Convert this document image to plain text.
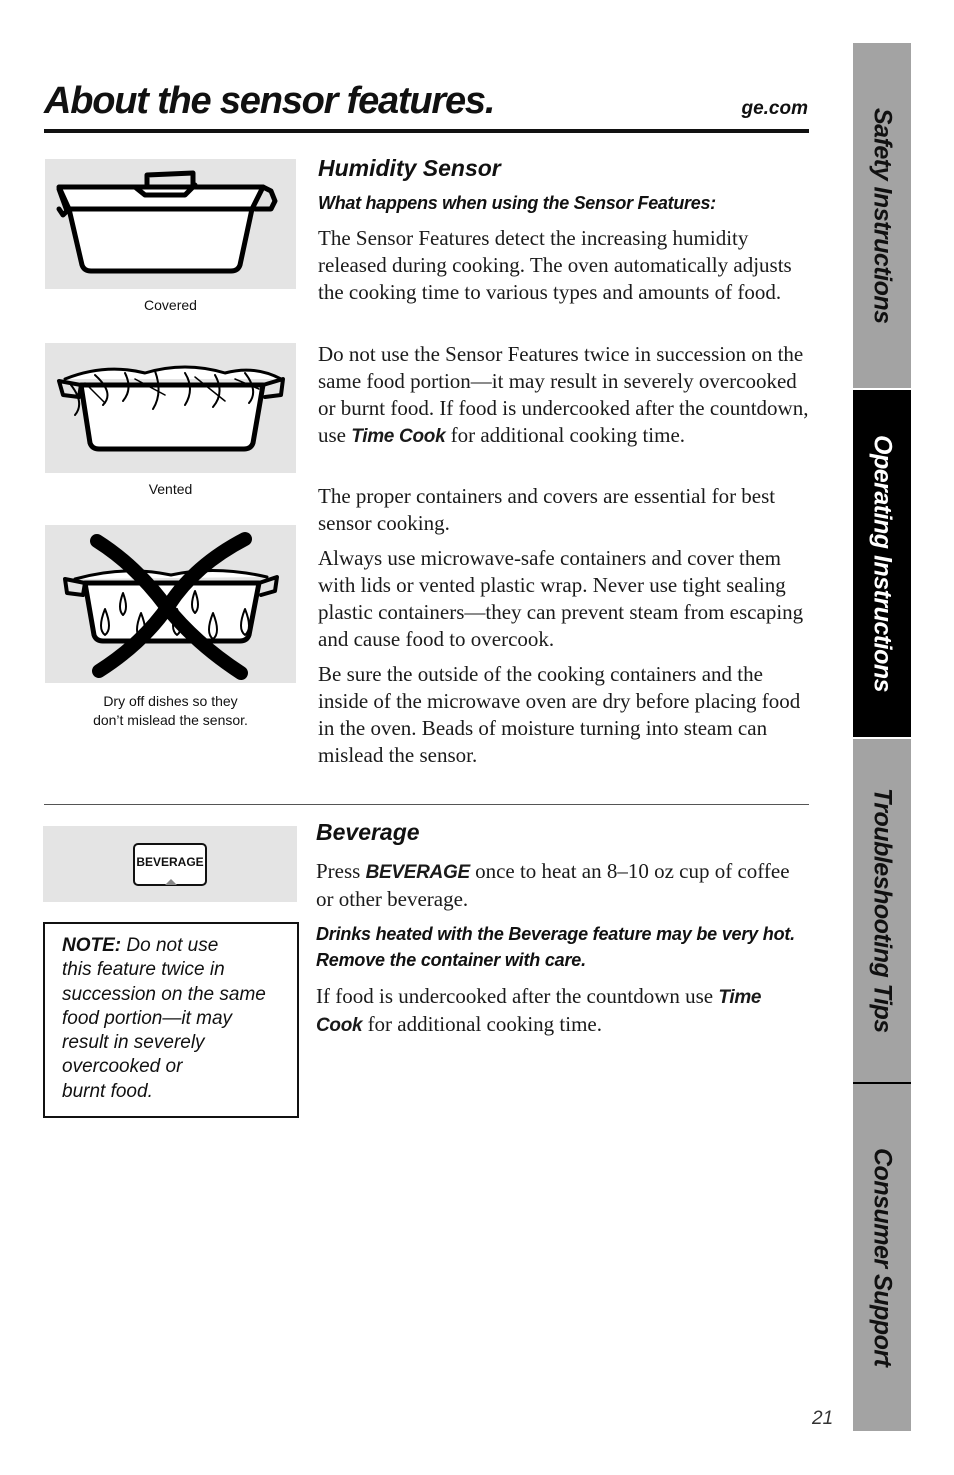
About the sensor features.	ge.com Safety Instructions
Operating Instructions
Troubleshooting Tips
Consumer Support
Covered
Vented
Dry off dishes so they
don’t mislead the sensor.
Humidity Sensor
What happens when using the Sensor Features:

The Sensor Features detect the increasing humidity released during cooking. The oven automatically adjusts the cooking time to various types and amounts of food.

Do not use the Sensor Features twice in succession on the same food portion—it may result in severely overcooked or burnt food. If food is undercooked after the countdown, use Time Cook for additional cooking time.

The proper containers and covers are essential for best sensor cooking.

Always use microwave-safe containers and cover them with lids or vented plastic wrap. Never use tight sealing plastic containers—they can prevent steam from escaping and cause food to overcook.

Be sure the outside of the cooking containers and the inside of the microwave oven are dry before placing food in the oven. Beads of moisture turning into steam can mislead the sensor.

BEVERAGE

NOTE: Do not use
this feature twice in
succession on the same
food portion—it may
result in severely
overcooked or
burnt food.

Beverage

Press BEVERAGE once to heat an 8–10 oz cup of coffee or other beverage.

Drinks heated with the Beverage feature may be very hot. Remove the container with care.

If food is undercooked after the countdown use Time Cook for additional cooking time.

21
